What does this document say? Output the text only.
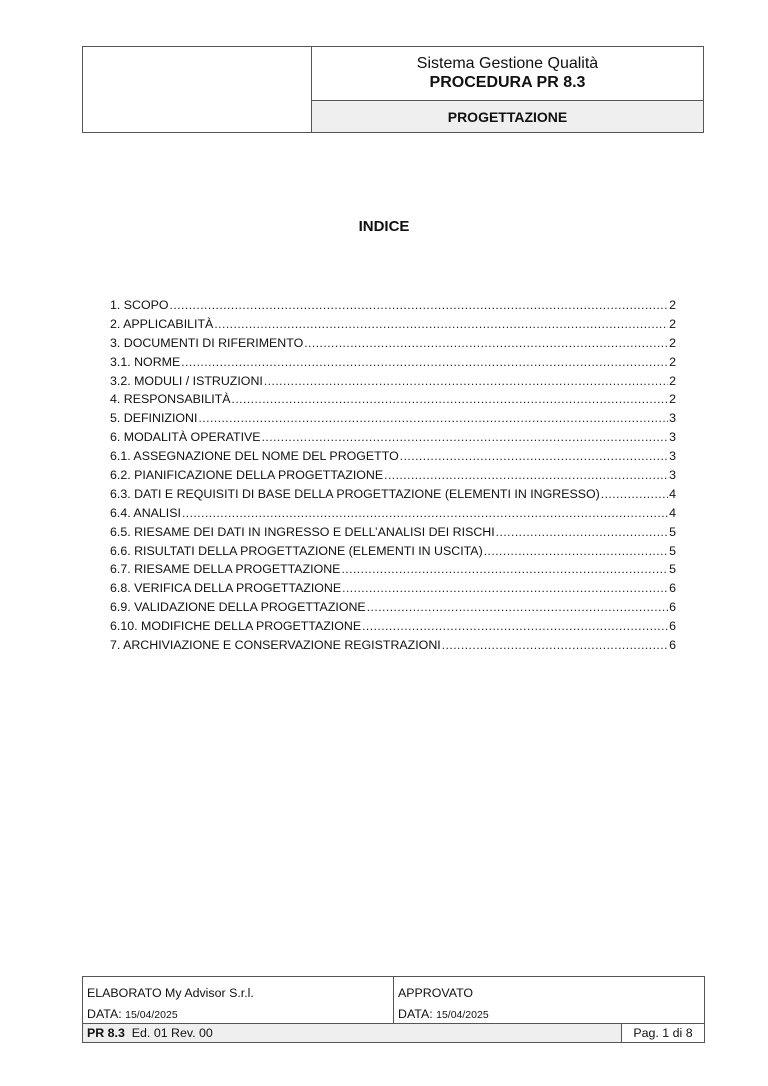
Sistema Gestione Qualità
PROCEDURA PR 8.3
PROGETTAZIONE
INDICE
1. SCOPO .....	2
2. APPLICABILITÀ .....	2
3. DOCUMENTI DI RIFERIMENTO .....	2
3.1. NORME .....	2
3.2. MODULI / ISTRUZIONI .....	2
4. RESPONSABILITÀ .....	2
5. DEFINIZIONI .....	3
6. MODALITÀ OPERATIVE .....	3
6.1. ASSEGNAZIONE DEL NOME DEL PROGETTO .....	3
6.2. PIANIFICAZIONE DELLA PROGETTAZIONE .....	3
6.3. DATI E REQUISITI DI BASE DELLA PROGETTAZIONE (ELEMENTI IN INGRESSO) .....	4
6.4. ANALISI .....	4
6.5. RIESAME DEI DATI IN INGRESSO E DELL’ANALISI DEI RISCHI .....	5
6.6. RISULTATI DELLA PROGETTAZIONE (ELEMENTI IN USCITA) .....	5
6.7. RIESAME DELLA PROGETTAZIONE .....	5
6.8. VERIFICA DELLA PROGETTAZIONE .....	6
6.9. VALIDAZIONE DELLA PROGETTAZIONE .....	6
6.10. MODIFICHE DELLA PROGETTAZIONE .....	6
7. ARCHIVIAZIONE E CONSERVAZIONE REGISTRAZIONI .....	6
ELABORATO My Advisor S.r.l.
DATA: 15/04/2025
APPROVATO
DATA: 15/04/2025
PR 8.3 Ed. 01 Rev. 00	Pag. 1 di 8
